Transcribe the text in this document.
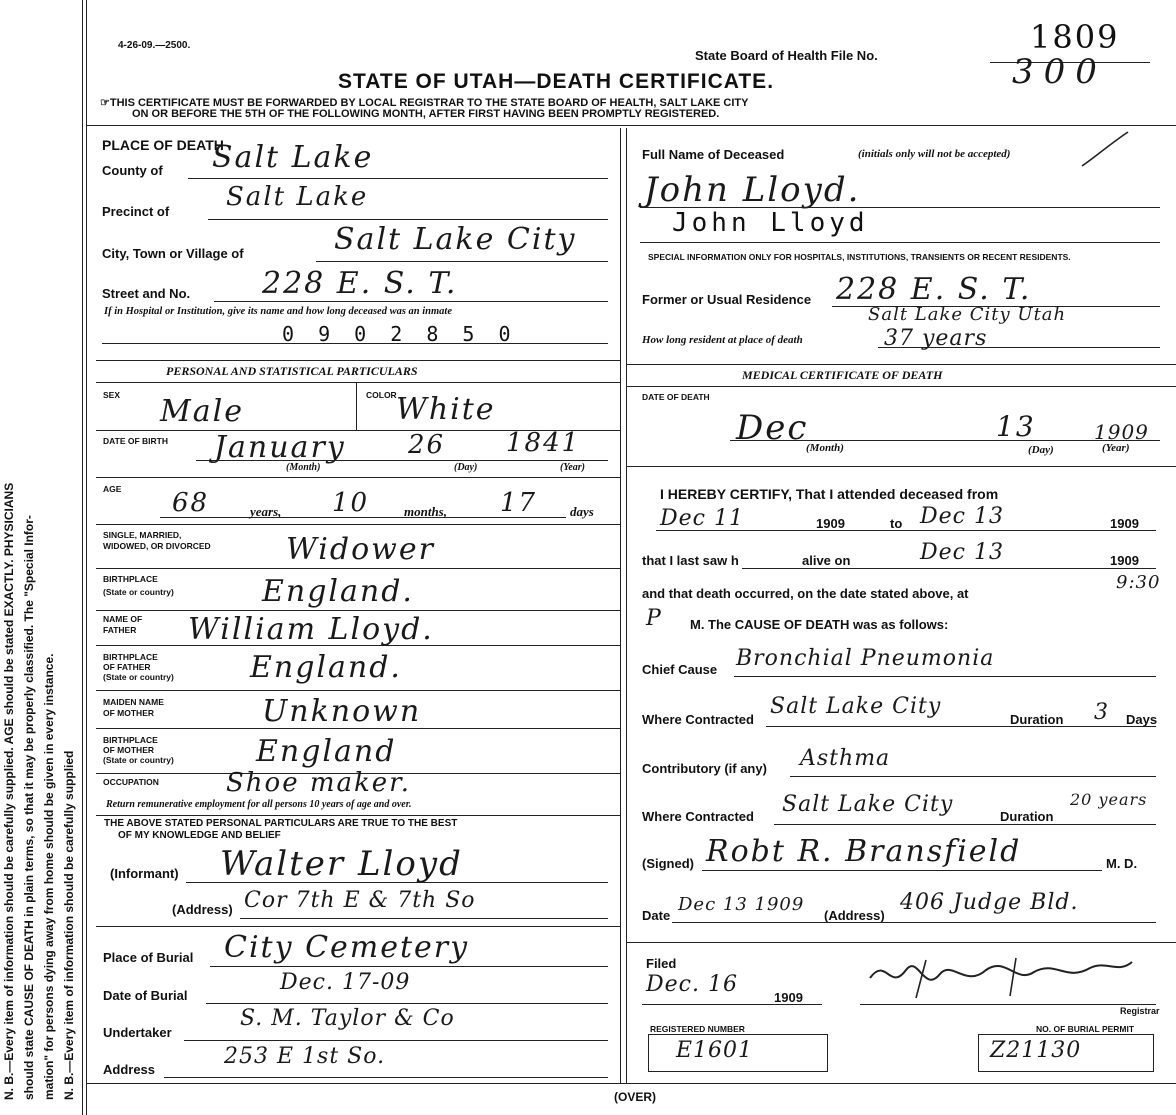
N. B.—Every item of information should be carefully supplied. AGE should be stated EXACTLY. PHYSICIANS should state CAUSE OF DEATH in plain terms, so that it may be properly classified. The "Special Infor- mation" for persons dying away from home should be given in every instance. N. B.—Every item of information should be carefully supplied
4-26-09.—2500.
State Board of Health File No.	1809
300
STATE OF UTAH—DEATH CERTIFICATE.
☞THIS CERTIFICATE MUST BE FORWARDED BY LOCAL REGISTRAR TO THE STATE BOARD OF HEALTH, SALT LAKE CITY
ON OR BEFORE THE 5TH OF THE FOLLOWING MONTH, AFTER FIRST HAVING BEEN PROMPTLY REGISTERED.
PLACE OF DEATH
County of Salt Lake
Precinct of Salt Lake
City, Town or Village of	Salt Lake City
Street and No. 228 E. S. T.
If in Hospital or Institution, give its name and how long deceased was an inmate
0 9 0 2 8 5 0
PERSONAL AND STATISTICAL PARTICULARS
SEX Male	COLOR White
DATE OF BIRTH January 26 1841
(Month)	(Day)	(Year)
AGE 68	years, 10	months, 17	days
SINGLE, MARRIED,
WIDOWED, OR DIVORCED	Widower
BIRTHPLACE
(State or country)	England.
NAME OF
FATHER William Lloyd.
BIRTHPLACE
OF FATHER
(State or country)	England.
MAIDEN NAME
OF MOTHER	Unknown
BIRTHPLACE
OF MOTHER
(State or country)	England
OCCUPATION	Shoe maker.
Return remunerative employment for all persons 10 years of age and over.
THE ABOVE STATED PERSONAL PARTICULARS ARE TRUE TO THE BEST
OF MY KNOWLEDGE AND BELIEF
(Informant) Walter Lloyd
(Address) Cor 7th E & 7th So
Place of Burial City Cemetery
Date of Burial
Dec. 17-09
Undertaker
S. M. Taylor & Co
Address
253 E 1st So.
Full Name of Deceased	(initials only will not be accepted)
John Lloyd.
John Lloyd
SPECIAL INFORMATION ONLY FOR HOSPITALS, INSTITUTIONS, TRANSIENTS OR RECENT RESIDENTS.
Former or Usual Residence 228 E. S. T.
Salt Lake City Utah
How long resident at place of death	37 years
MEDICAL CERTIFICATE OF DEATH
DATE OF DEATH
Dec	13	1909
(Month)	(Day)	(Year)
I HEREBY CERTIFY, That I attended deceased from
Dec 11	1909	to Dec 13	1909
that I last saw h	alive on	Dec 13	1909
and that death occurred, on the date stated above, at
9:30
P M. The CAUSE OF DEATH was as follows:
Chief Cause Bronchial Pneumonia
Where Contracted
Salt Lake City
Duration 3 Days
Contributory (if any) Asthma
Where Contracted Salt Lake City	Duration
20 years
(Signed) Robt R. Bransfield	M. D.
Date
Dec 13 1909
(Address)
406 Judge Bld.
Filed
Dec. 16
1909
Registrar
REGISTERED NUMBER
E1601
NO. OF BURIAL PERMIT
Z21130
(OVER)
